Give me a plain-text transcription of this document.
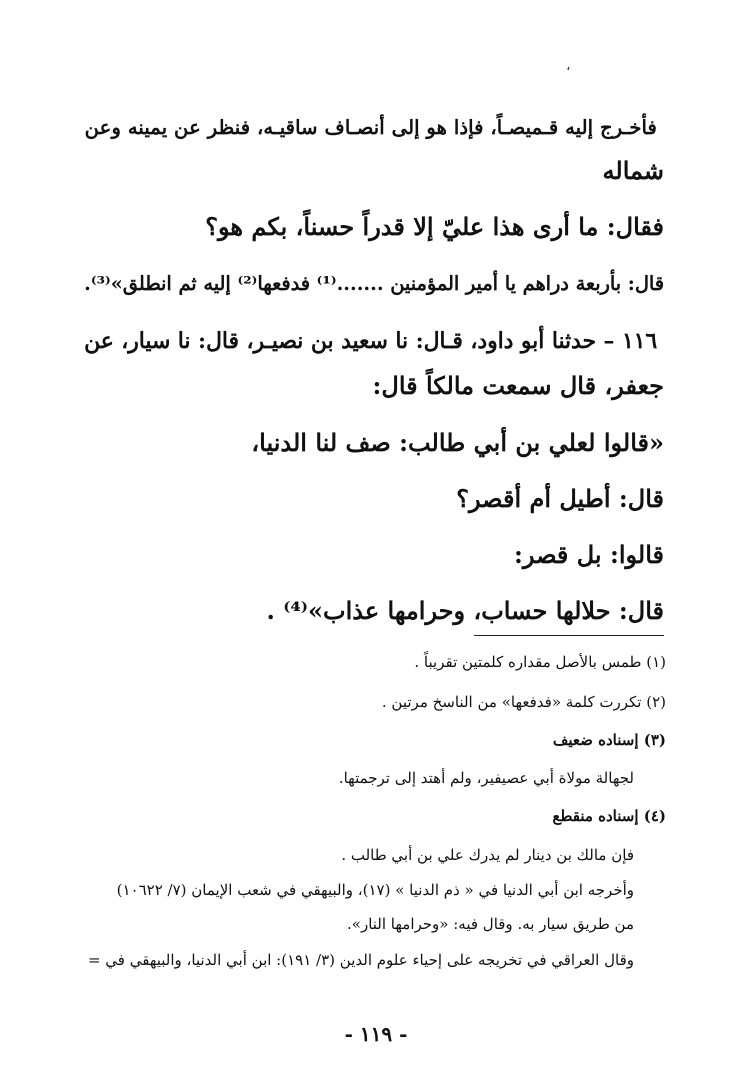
،
فأخـرج إليه قـميصـاً، فإذا هو إلى أنصـاف ساقيـه، فنظر عن يمينه وعن
شماله
فقال: ما أرى هذا عليّ إلا قدراً حسناً، بكم هو؟
قال: بأربعة دراهم يا أمير المؤمنين .......⁽¹⁾ فدفعها⁽²⁾ إليه ثم انطلق»⁽³⁾.
١١٦ – حدثنا أبو داود، قـال: نا سعيد بن نصيـر، قال: نا سيار، عن
جعفر، قال سمعت مالكاً قال:
«قالوا لعلي بن أبي طالب: صف لنا الدنيا،
قال: أطيل أم أقصر؟
قالوا: بل قصر:
قال: حلالها حساب، وحرامها عذاب»⁽⁴⁾ .
(١) طمس بالأصل مقداره كلمتين تقريباً .
(٢) تكررت كلمة «فدفعها» من الناسخ مرتين .
(٣) إسناده ضعيف
لجهالة مولاة أبي عصيفير، ولم أهتد إلى ترجمتها.
(٤) إسناده منقطع
فإن مالك بن دينار لم يدرك علي بن أبي طالب .
وأخرجه ابن أبي الدنيا في « ذم الدنيا » (١٧)، والبيهقي في شعب الإيمان (٧/ ١٠٦٢٢)
من طريق سيار به. وقال فيه: «وحرامها النار».
وقال العراقي في تخريجه على إحياء علوم الدين (٣/ ١٩١): ابن أبي الدنيا، والبيهقي في =
- ١١٩ -
